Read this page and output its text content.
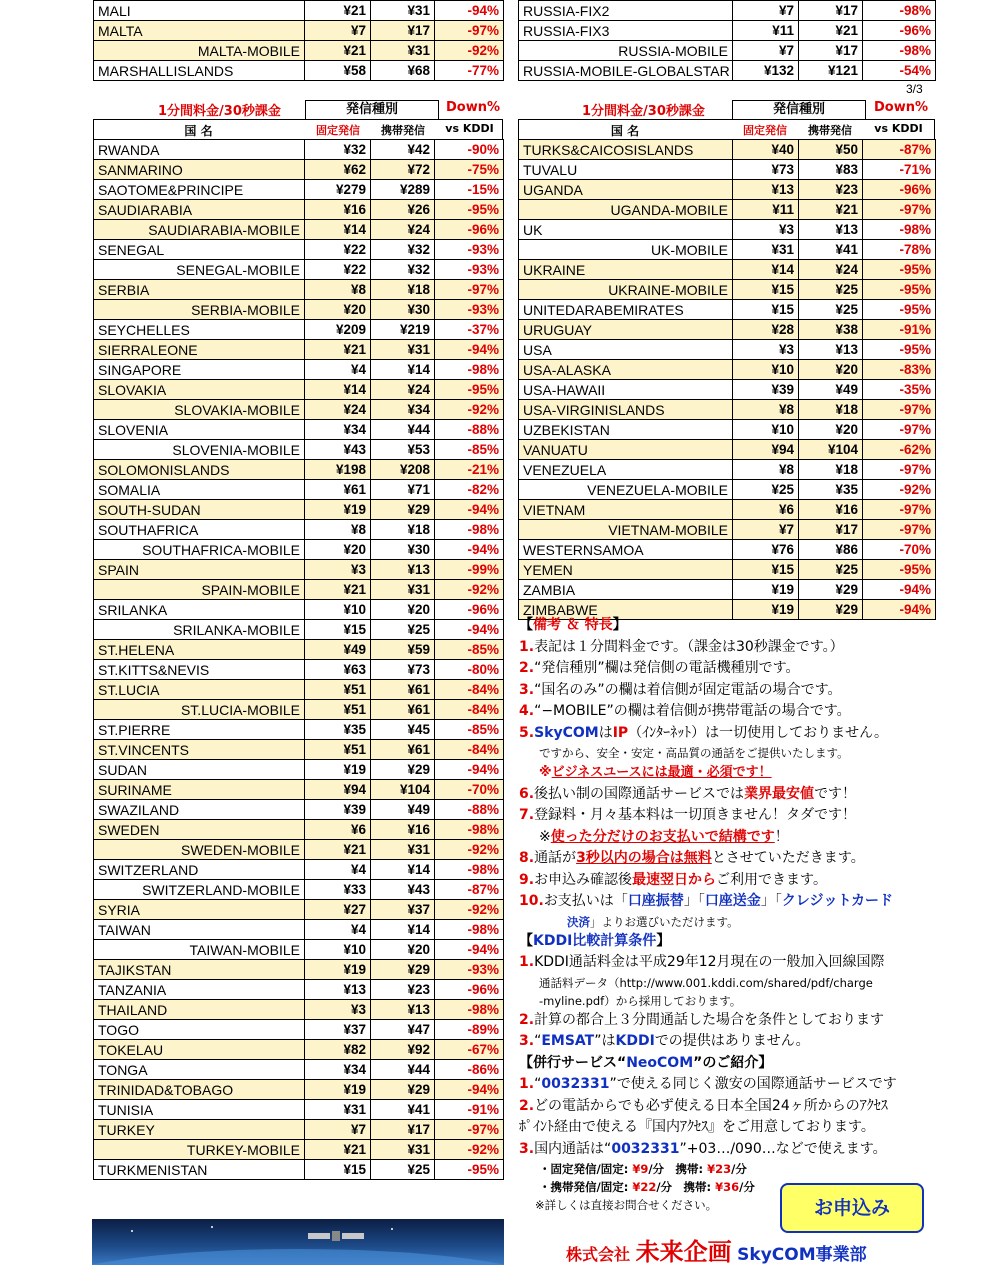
MALI	¥21	¥31	-94%
MALTA	¥7	¥17	-97%
MALTA-MOBILE	¥21	¥31	-92%
MARSHALLISLANDS	¥58	¥68	-77%
RUSSIA-FIX2	¥7	¥17	-98%
RUSSIA-FIX3	¥11	¥21	-96%
RUSSIA-MOBILE	¥7	¥17	-98%
RUSSIA-MOBILE-GLOBALSTAR	¥132	¥121	-54%
3/3
1分間料金/30秒課金	発信種別	Down%
国 名	固定発信	携帯発信	vs KDDI
1分間料金/30秒課金	発信種別	Down%
国 名	固定発信	携帯発信	vs KDDI
RWANDA	¥32	¥42	-90%
SANMARINO	¥62	¥72	-75%
SAOTOME&PRINCIPE	¥279	¥289	-15%
SAUDIARABIA	¥16	¥26	-95%
SAUDIARABIA-MOBILE	¥14	¥24	-96%
SENEGAL	¥22	¥32	-93%
SENEGAL-MOBILE	¥22	¥32	-93%
SERBIA	¥8	¥18	-97%
SERBIA-MOBILE	¥20	¥30	-93%
SEYCHELLES	¥209	¥219	-37%
SIERRALEONE	¥21	¥31	-94%
SINGAPORE	¥4	¥14	-98%
SLOVAKIA	¥14	¥24	-95%
SLOVAKIA-MOBILE	¥24	¥34	-92%
SLOVENIA	¥34	¥44	-88%
SLOVENIA-MOBILE	¥43	¥53	-85%
SOLOMONISLANDS	¥198	¥208	-21%
SOMALIA	¥61	¥71	-82%
SOUTH-SUDAN	¥19	¥29	-94%
SOUTHAFRICA	¥8	¥18	-98%
SOUTHAFRICA-MOBILE	¥20	¥30	-94%
SPAIN	¥3	¥13	-99%
SPAIN-MOBILE	¥21	¥31	-92%
SRILANKA	¥10	¥20	-96%
SRILANKA-MOBILE	¥15	¥25	-94%
ST.HELENA	¥49	¥59	-85%
ST.KITTS&NEVIS	¥63	¥73	-80%
ST.LUCIA	¥51	¥61	-84%
ST.LUCIA-MOBILE	¥51	¥61	-84%
ST.PIERRE	¥35	¥45	-85%
ST.VINCENTS	¥51	¥61	-84%
SUDAN	¥19	¥29	-94%
SURINAME	¥94	¥104	-70%
SWAZILAND	¥39	¥49	-88%
SWEDEN	¥6	¥16	-98%
SWEDEN-MOBILE	¥21	¥31	-92%
SWITZERLAND	¥4	¥14	-98%
SWITZERLAND-MOBILE	¥33	¥43	-87%
SYRIA	¥27	¥37	-92%
TAIWAN	¥4	¥14	-98%
TAIWAN-MOBILE	¥10	¥20	-94%
TAJIKSTAN	¥19	¥29	-93%
TANZANIA	¥13	¥23	-96%
THAILAND	¥3	¥13	-98%
TOGO	¥37	¥47	-89%
TOKELAU	¥82	¥92	-67%
TONGA	¥34	¥44	-86%
TRINIDAD&TOBAGO	¥19	¥29	-94%
TUNISIA	¥31	¥41	-91%
TURKEY	¥7	¥17	-97%
TURKEY-MOBILE	¥21	¥31	-92%
TURKMENISTAN	¥15	¥25	-95%
TURKS&CAICOSISLANDS	¥40	¥50	-87%
TUVALU	¥73	¥83	-71%
UGANDA	¥13	¥23	-96%
UGANDA-MOBILE	¥11	¥21	-97%
UK	¥3	¥13	-98%
UK-MOBILE	¥31	¥41	-78%
UKRAINE	¥14	¥24	-95%
UKRAINE-MOBILE	¥15	¥25	-95%
UNITEDARABEMIRATES	¥15	¥25	-95%
URUGUAY	¥28	¥38	-91%
USA	¥3	¥13	-95%
USA-ALASKA	¥10	¥20	-83%
USA-HAWAII	¥39	¥49	-35%
USA-VIRGINISLANDS	¥8	¥18	-97%
UZBEKISTAN	¥10	¥20	-97%
VANUATU	¥94	¥104	-62%
VENEZUELA	¥8	¥18	-97%
VENEZUELA-MOBILE	¥25	¥35	-92%
VIETNAM	¥6	¥16	-97%
VIETNAM-MOBILE	¥7	¥17	-97%
WESTERNSAMOA	¥76	¥86	-70%
YEMEN	¥15	¥25	-95%
ZAMBIA	¥19	¥29	-94%
ZIMBABWE	¥19	¥29	-94%
【備考 ＆ 特長】
1.表記は１分間料金です。（課金は30秒課金です。）
2.“発信種別”欄は発信側の電話機種別です。
3.“国名のみ”の欄は着信側が固定電話の場合です。
4.“−MOBILE”の欄は着信側が携帯電話の場合です。
5.SkyCOMはIP（ｲﾝﾀｰﾈｯﾄ）は一切使用しておりません。
ですから、安全・安定・高品質の通話をご提供いたします。
※ビジネスユースには最適・必須です！
6.後払い制の国際通話サービスでは業界最安値です！
7.登録料・月々基本料は一切頂きません！タダです！
※使った分だけのお支払いで結構です！
8.通話が3秒以内の場合は無料とさせていただきます。
9.お申込み確認後最速翌日からご利用できます。
10.お支払いは「口座振替」「口座送金」「クレジットカード
決済」よりお選びいただけます。
【KDDI比較計算条件】
1.KDDI通話料金は平成29年12月現在の一般加入回線国際
通話料データ（http://www.001.kddi.com/shared/pdf/charge
-myline.pdf）から採用しております。
2.計算の都合上３分間通話した場合を条件としております
3.“EMSAT”はKDDIでの提供はありません。
【併行サービス“NeoCOM”のご紹介】
1.“0032331”で使える同じく激安の国際通話サービスです
2.どの電話からでも必ず使える日本全国24ヶ所からのｱｸｾｽ
ﾎﾟｲﾝﾄ経由で使える『国内ｱｸｾｽ』をご用意しております。
3.国内通話は“0032331”+03…/090…などで使えます。
・固定発信/固定: ¥9/分　携帯: ¥23/分
・携帯発信/固定: ¥22/分　携帯: ¥36/分
※詳しくは直接お問合せください。	お申込み
株式会社 未来企画 SkyCOM事業部
